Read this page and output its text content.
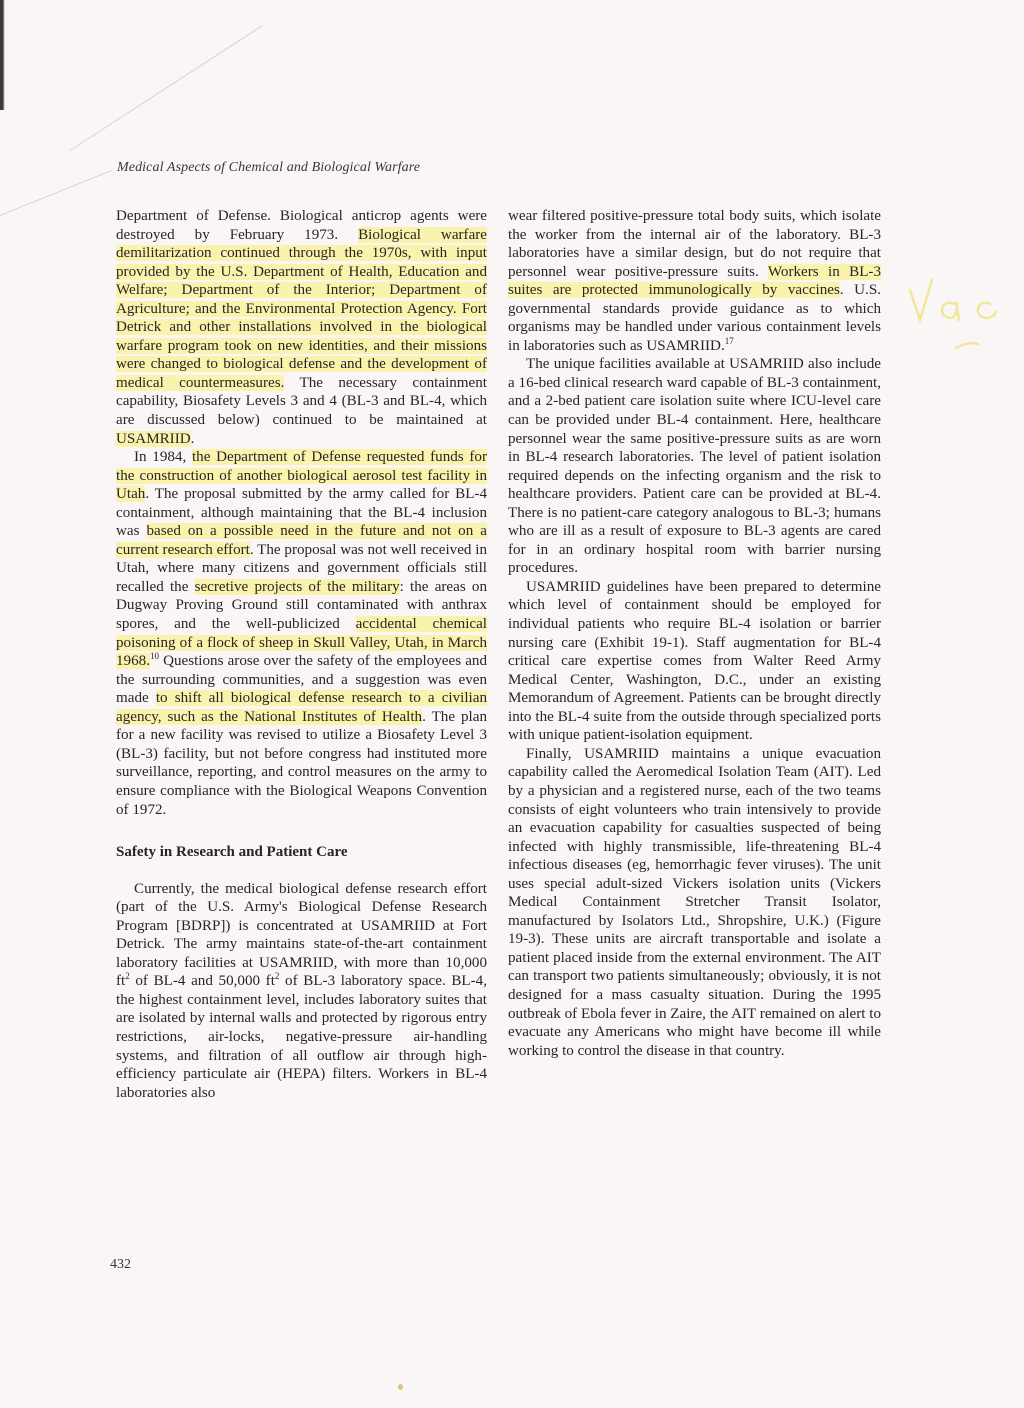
Medical Aspects of Chemical and Biological Warfare

Department of Defense. Biological anticrop agents were destroyed by February 1973. Biological warfare demilitarization continued through the 1970s, with input provided by the U.S. Department of Health, Education and Welfare; Department of the Interior; Department of Agriculture; and the Environmental Protection Agency. Fort Detrick and other installations involved in the biological warfare program took on new identities, and their missions were changed to biological defense and the development of medical countermeasures. The necessary containment capability, Biosafety Levels 3 and 4 (BL-3 and BL-4, which are discussed below) continued to be maintained at USAMRIID.

In 1984, the Department of Defense requested funds for the construction of another biological aerosol test facility in Utah. The proposal submitted by the army called for BL-4 containment, although maintaining that the BL-4 inclusion was based on a possible need in the future and not on a current research effort. The proposal was not well received in Utah, where many citizens and government officials still recalled the secretive projects of the military: the areas on Dugway Proving Ground still contaminated with anthrax spores, and the well-publicized accidental chemical poisoning of a flock of sheep in Skull Valley, Utah, in March 1968.10 Questions arose over the safety of the employees and the surrounding communities, and a suggestion was even made to shift all biological defense research to a civilian agency, such as the National Institutes of Health. The plan for a new facility was revised to utilize a Biosafety Level 3 (BL-3) facility, but not before congress had instituted more surveillance, reporting, and control measures on the army to ensure compliance with the Biological Weapons Convention of 1972.

Safety in Research and Patient Care

Currently, the medical biological defense research effort (part of the U.S. Army's Biological Defense Research Program [BDRP]) is concentrated at USAMRIID at Fort Detrick. The army maintains state-of-the-art containment laboratory facilities at USAMRIID, with more than 10,000 $ft^2$ of BL-4 and 50,000 $ft^2$ of BL-3 laboratory space. BL-4, the highest containment level, includes laboratory suites that are isolated by internal walls and protected by rigorous entry restrictions, air-locks, negative-pressure air-handling systems, and filtration of all outflow air through high-efficiency particulate air (HEPA) filters. Workers in BL-4 laboratories also

wear filtered positive-pressure total body suits, which isolate the worker from the internal air of the laboratory. BL-3 laboratories have a similar design, but do not require that personnel wear positive-pressure suits. Workers in BL-3 suites are protected immunologically by vaccines. U.S. governmental standards provide guidance as to which organisms may be handled under various containment levels in laboratories such as USAMRIID.$^{17}$

The unique facilities available at USAMRIID also include a 16-bed clinical research ward capable of BL-3 containment, and a 2-bed patient care isolation suite where ICU-level care can be provided under BL-4 containment. Here, healthcare personnel wear the same positive-pressure suits as are worn in BL-4 research laboratories. The level of patient isolation required depends on the infecting organism and the risk to healthcare providers. Patient care can be provided at BL-4. There is no patient-care category analogous to BL-3; humans who are ill as a result of exposure to BL-3 agents are cared for in an ordinary hospital room with barrier nursing procedures.

USAMRIID guidelines have been prepared to determine which level of containment should be employed for individual patients who require BL-4 isolation or barrier nursing care (Exhibit 19-1). Staff augmentation for BL-4 critical care expertise comes from Walter Reed Army Medical Center, Washington, D.C., under an existing Memorandum of Agreement. Patients can be brought directly into the BL-4 suite from the outside through specialized ports with unique patient-isolation equipment.

Finally, USAMRIID maintains a unique evacuation capability called the Aeromedical Isolation Team (AIT). Led by a physician and a registered nurse, each of the two teams consists of eight volunteers who train intensively to provide an evacuation capability for casualties suspected of being infected with highly transmissible, life-threatening BL-4 infectious diseases (eg, hemorrhagic fever viruses). The unit uses special adult-sized Vickers isolation units (Vickers Medical Containment Stretcher Transit Isolator, manufactured by Isolators Ltd., Shropshire, U.K.) (Figure 19-3). These units are aircraft transportable and isolate a patient placed inside from the external environment. The AIT can transport two patients simultaneously; obviously, it is not designed for a mass casualty situation. During the 1995 outbreak of Ebola fever in Zaire, the AIT remained on alert to evacuate any Americans who might have become ill while working to control the disease in that country.

432
